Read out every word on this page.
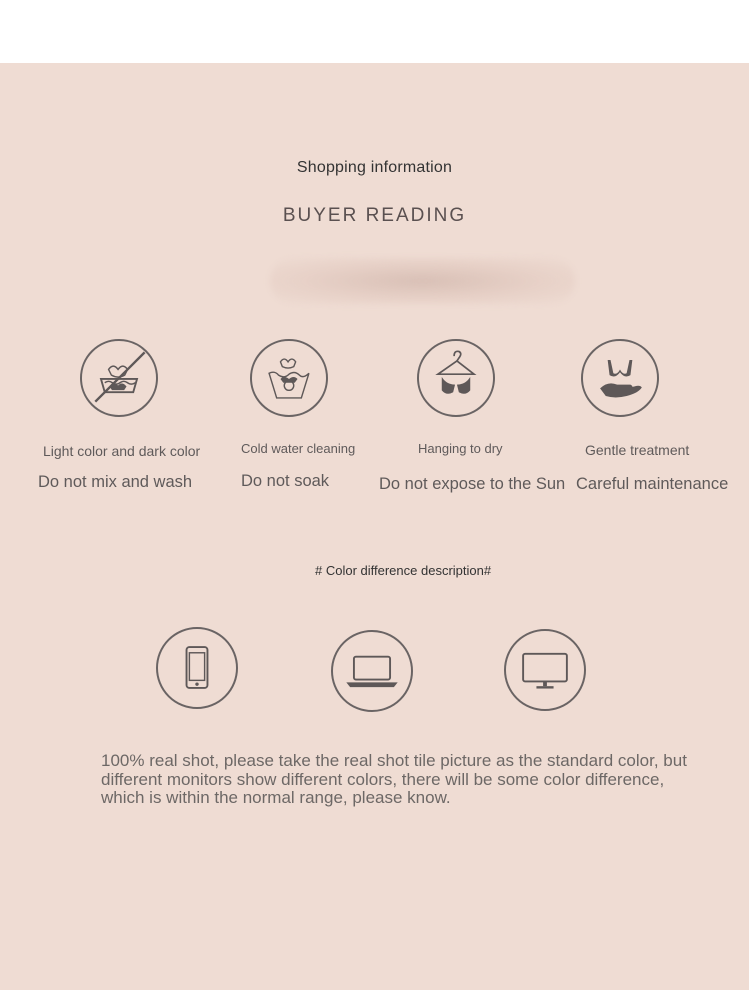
Shopping information
BUYER READING
Light color and dark color
Do not mix and wash
Cold water cleaning
Do not soak
Hanging to dry
Do not expose to the Sun
Gentle treatment
Careful maintenance
# Color difference description#
100% real shot, please take the real shot tile picture as the standard color, but different monitors show different colors, there will be some color difference, which is within the normal range, please know.
